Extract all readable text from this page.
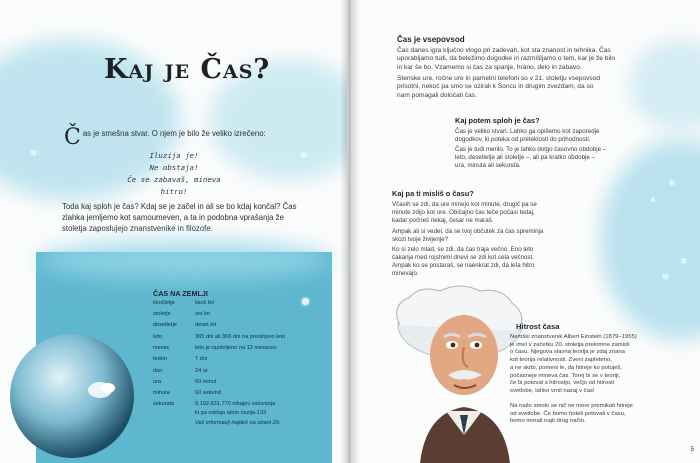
✻	✻
Kaj je Čas?
Č as je smešna stvar. O njem je bilo že veliko izrečeno:
Iluzija je!
Ne obstaja!
Če se zabavaš, mineva hitro!
Toda kaj sploh je čas? Kdaj se je začel in ali se bo kdaj končal? Čas zlahka jemljemo kot samoumeven, a ta in podobna vprašanja že stoletja zaposlujejo znanstvenike in filozofe.
ČAS NA ZEMLJI
tisočletje	tisoč let
stoletje	sto let
desetletje	deset let
leto	365 dni ali 366 dni na prestopno leto
mesec	leto je razdeljeno na 12 mesecev
teden	7 dni
dan	24 ur
ura	60 minut
minuta	60 sekund
sekunda	9.192.631.770 nihajev valovanja
ki ga oddaja atom cezija-133
Več informacij najdeš na strani 29.
✻
✻
✻
✻
Čas je vsepovsod
Čas danes igra ključno vlogo pri zadevah, kot sta znanost in tehnika. Čas
uporabljamo tudi, da beležimo dogodke in razmišljamo o tem, kar je že bilo
in kar še bo. Vzamemo si čas za spanje, hrano, delo in zabavo.
Stenske ure, ročne ure in pametni telefoni so v 21. stoletju vsepovsod
prisotni, nekoč pa smo se ozirali k Soncu in drugim zvezdam, da so
nam pomagali določati čas.
Kaj potem sploh je čas?
Čas je veliko stvari. Lahko ga opišemo kot zaporedje
dogodkov, ki poteka od preteklosti do prihodnosti.
Čas je tudi merilo. To je lahko dolgo časovno obdobje –
leto, desetletje ali stoletje –, ali pa kratko obdobje –
ura, minuta ali sekunda.
Kaj pa ti misliš o času?
Včasih se zdi, da ure minejo kot minute, drugič pa se
minute zdijo kot ure. Običajno čas teče počasi tedaj,
kadar počneš nekaj, česar ne maraš.
Ampak ali si vedel, da se tvoj občutek za čas spreminja
skozi tvoje življenje?
Ko si zelo mlad, se zdi, da čas traja večno. Eno leto
čakanja med rojstnimi dnevi se zdi kot cela večnost.
Ampak ko se postaraš, se naenkrat zdi, da leta hitro
minevajo.
Hitrost časa
Nemški znanstvenik Albert Einstein (1879–1955)
je imel v začetku 20. stoletja prelomne zamisli
o času. Njegova slavna teorija je zdaj znana
kot teorija relativnosti. Zveni zapleteno,
a ne skrbi, pomeni le, da hitreje ko potuješ,
počasneje mineva čas. Torej bi se v teoriji,
če bi potoval s hitrostjo, večjo od hitrosti
svetlobe, lahko vrnil nazaj v čas!
Na našo smolo se nič ne more premikati hitreje
od svetlobe. Če bomo hoteli potovati v času,
bomo morali najti drug način.
5
